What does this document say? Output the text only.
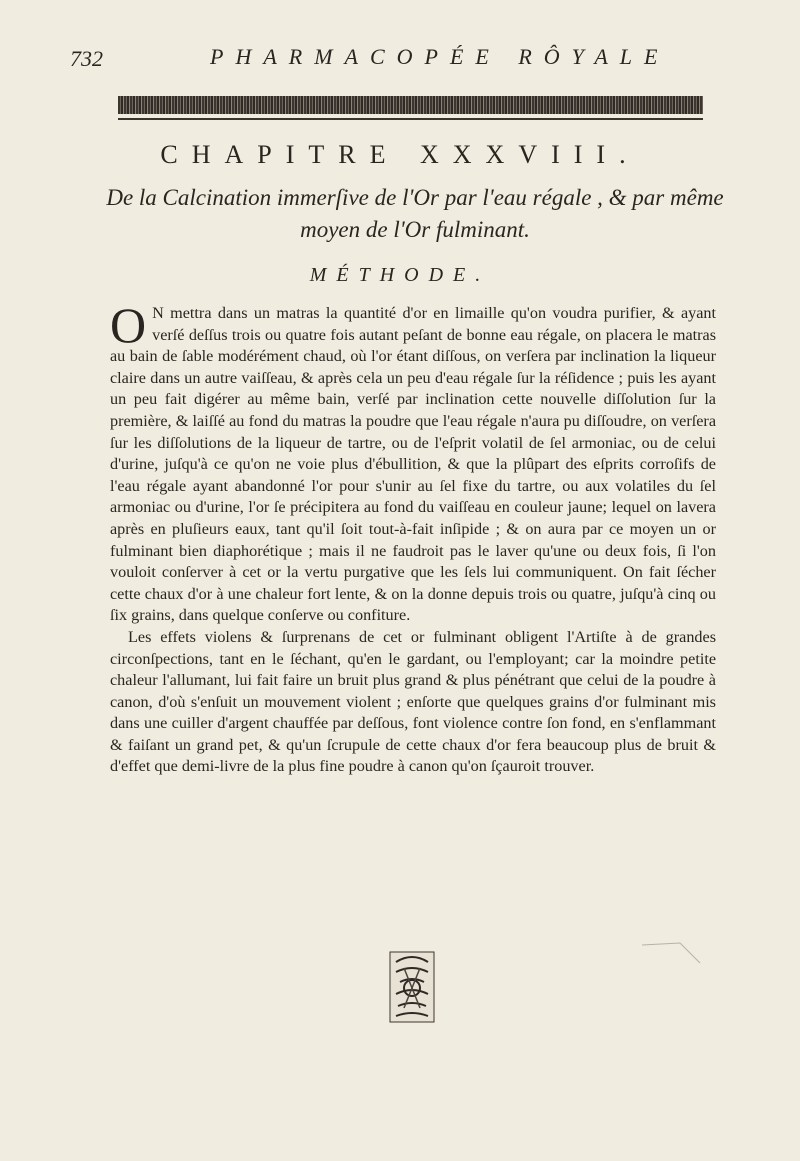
732	PHARMACOPÉE RÔYALE
CHAPITRE XXXVIII.
De la Calcination immerſive de l'Or par l'eau régale , & par même moyen de l'Or fulminant.
MÉTHODE.

O N mettra dans un matras la quantité d'or en limaille qu'on voudra purifier, & ayant verſé deſſus trois ou quatre fois autant peſant de bonne eau régale, on placera le matras au bain de ſable modérément chaud, où l'or étant diſſous, on verſera par inclination la liqueur claire dans un autre vaiſſeau, & après cela un peu d'eau régale ſur la réſidence ; puis les ayant un peu fait digérer au même bain, verſé par inclination cette nouvelle diſſolution ſur la première, & laiſſé au fond du matras la poudre que l'eau régale n'aura pu diſſoudre, on verſera ſur les diſſolutions de la liqueur de tartre, ou de l'eſprit volatil de ſel armoniac, ou de celui d'urine, juſqu'à ce qu'on ne voie plus d'ébullition, & que la plûpart des eſprits corroſifs de l'eau régale ayant abandonné l'or pour s'unir au ſel fixe du tartre, ou aux volatiles du ſel armoniac ou d'urine, l'or ſe précipitera au fond du vaiſſeau en couleur jaune; lequel on lavera après en pluſieurs eaux, tant qu'il ſoit tout-à-fait inſipide ; & on aura par ce moyen un or fulminant bien diaphorétique ; mais il ne faudroit pas le laver qu'une ou deux fois, ſi l'on vouloit conſerver à cet or la vertu purgative que les ſels lui communiquent. On fait ſécher cette chaux d'or à une chaleur fort lente, & on la donne depuis trois ou quatre, juſqu'à cinq ou ſix grains, dans quelque conſerve ou confiture.

Les effets violens & ſurprenans de cet or fulminant obligent l'Artiſte à de grandes circonſpections, tant en le ſéchant, qu'en le gardant, ou l'employant; car la moindre petite chaleur l'allumant, lui fait faire un bruit plus grand & plus pénétrant que celui de la poudre à canon, d'où s'enſuit un mouvement violent ; enſorte que quelques grains d'or fulminant mis dans une cuiller d'argent chauffée par deſſous, font violence contre ſon fond, en s'enflammant & faiſant un grand pet, & qu'un ſcrupule de cette chaux d'or fera beaucoup plus de bruit & d'effet que demi-livre de la plus fine poudre à canon qu'on ſçauroit trouver.
